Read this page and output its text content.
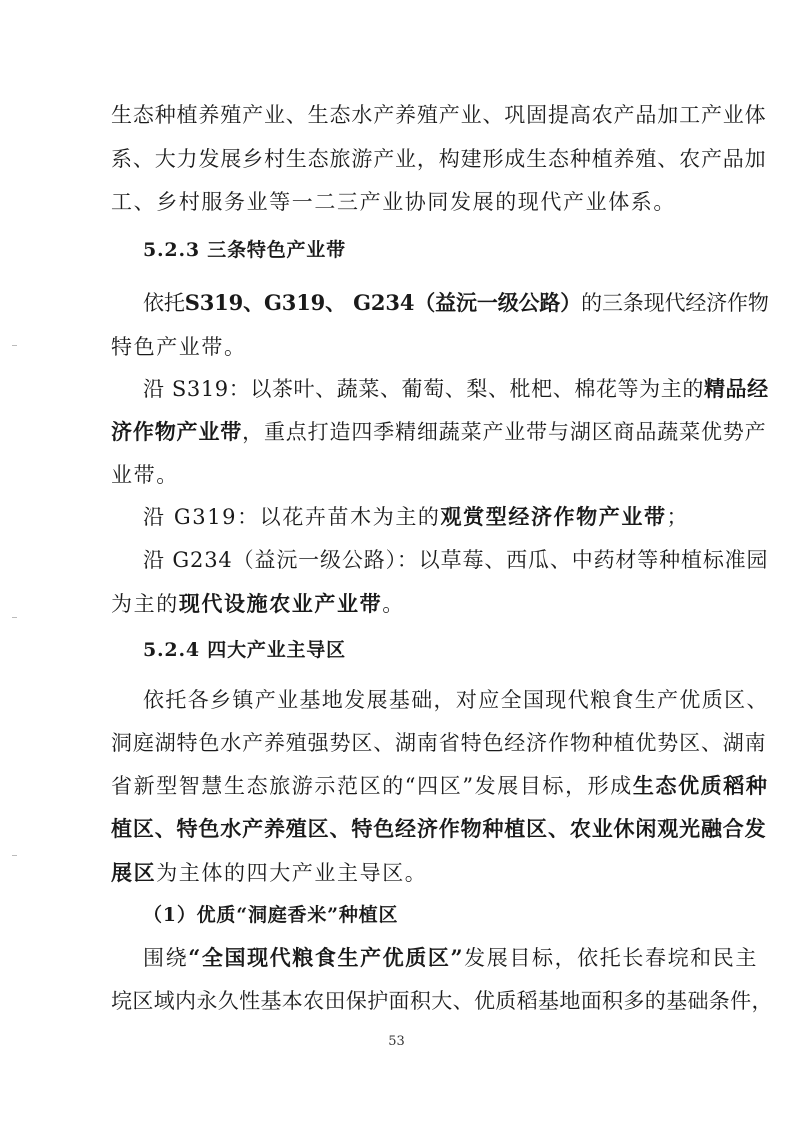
生态种植养殖产业、生态水产养殖产业、巩固提高农产品加工产业体
系、大力发展乡村生态旅游产业，构建形成生态种植养殖、农产品加
工、乡村服务业等一二三产业协同发展的现代产业体系。
5.2.3 三条特色产业带
依托S319、G319、 G234（益沅一级公路）的三条现代经济作物
特色产业带。
沿 S319：以茶叶、蔬菜、葡萄、梨、枇杷、棉花等为主的精品经
济作物产业带，重点打造四季精细蔬菜产业带与湖区商品蔬菜优势产
业带。
沿 G319：以花卉苗木为主的观赏型经济作物产业带；
沿 G234（益沅一级公路）：以草莓、西瓜、中药材等种植标准园
为主的现代设施农业产业带。
5.2.4 四大产业主导区
依托各乡镇产业基地发展基础，对应全国现代粮食生产优质区、
洞庭湖特色水产养殖强势区、湖南省特色经济作物种植优势区、湖南
省新型智慧生态旅游示范区的“四区”发展目标，形成生态优质稻种
植区、特色水产养殖区、特色经济作物种植区、农业休闲观光融合发
展区为主体的四大产业主导区。
（1）优质“洞庭香米”种植区
围绕“全国现代粮食生产优质区”发展目标，依托长春垸和民主
垸区域内永久性基本农田保护面积大、优质稻基地面积多的基础条件，
53
